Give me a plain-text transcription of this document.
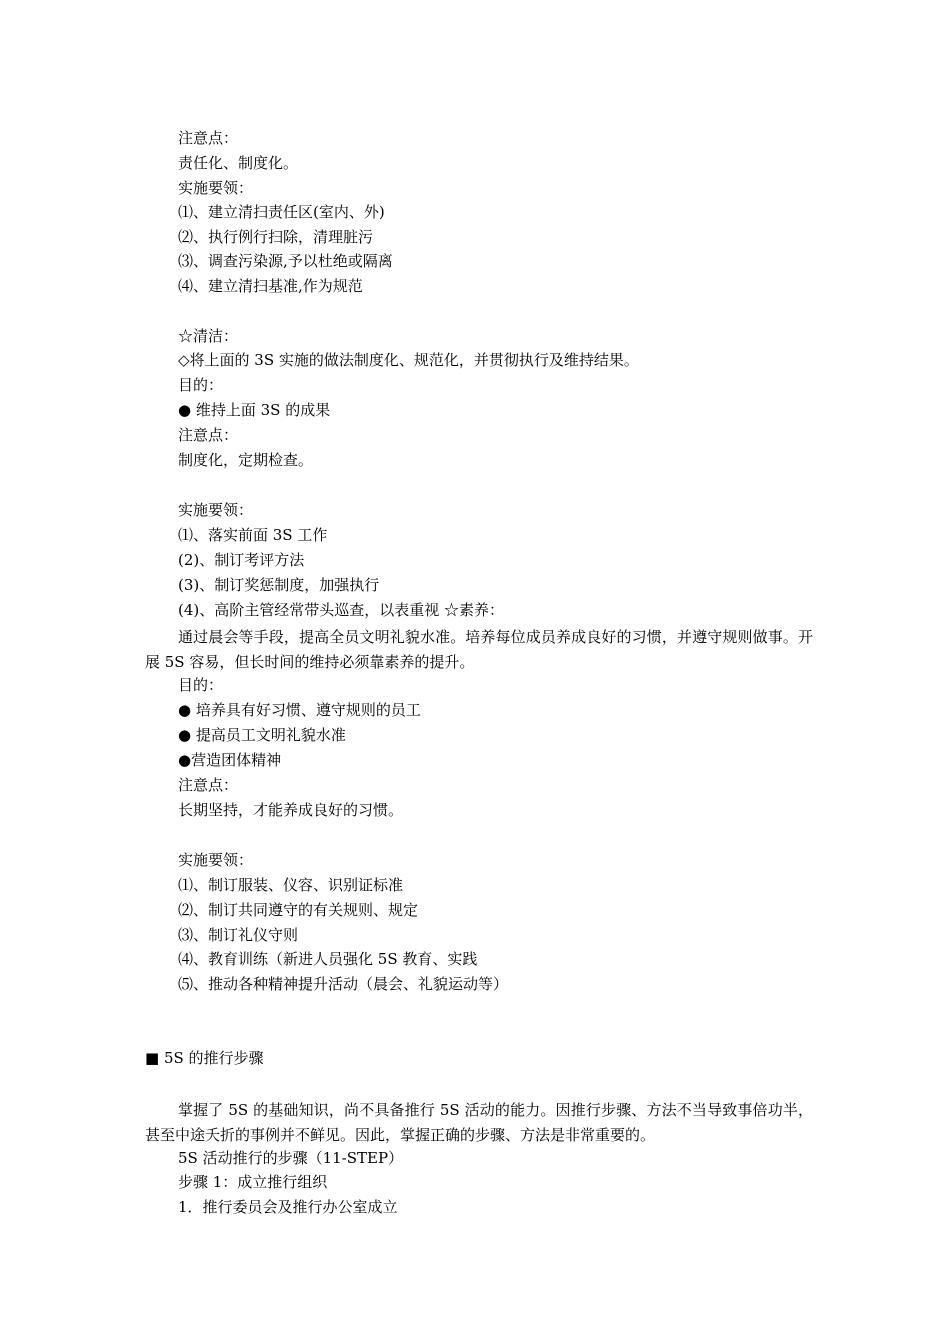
注意点：
责任化、制度化。
实施要领：
⑴、建立清扫责任区(室内、外)
⑵、执行例行扫除，清理脏污
⑶、调查污染源,予以杜绝或隔离
⑷、建立清扫基准,作为规范
☆清洁：
◇将上面的 3S 实施的做法制度化、规范化，并贯彻执行及维持结果。
目的：
● 维持上面 3S 的成果
注意点：
制度化，定期检查。
实施要领：
⑴、落实前面 3S 工作
(2)、制订考评方法
(3)、制订奖惩制度，加强执行
(4)、高阶主管经常带头巡查，以表重视 ☆素养：
通过晨会等手段，提高全员文明礼貌水准。培养每位成员养成良好的习惯，并遵守规则做事。开展 5S 容易，但长时间的维持必须靠素养的提升。
目的：
● 培养具有好习惯、遵守规则的员工
● 提高员工文明礼貌水准
●营造团体精神
注意点：
长期坚持，才能养成良好的习惯。
实施要领：
⑴、制订服装、仪容、识别证标准
⑵、制订共同遵守的有关规则、规定
⑶、制订礼仪守则
⑷、教育训练（新进人员强化 5S 教育、实践
⑸、推动各种精神提升活动（晨会、礼貌运动等）
■ 5S 的推行步骤
掌握了 5S 的基础知识，尚不具备推行 5S 活动的能力。因推行步骤、方法不当导致事倍功半，甚至中途夭折的事例并不鲜见。因此，掌握正确的步骤、方法是非常重要的。
5S 活动推行的步骤（11-STEP）
步骤 1：成立推行组织
1．推行委员会及推行办公室成立
